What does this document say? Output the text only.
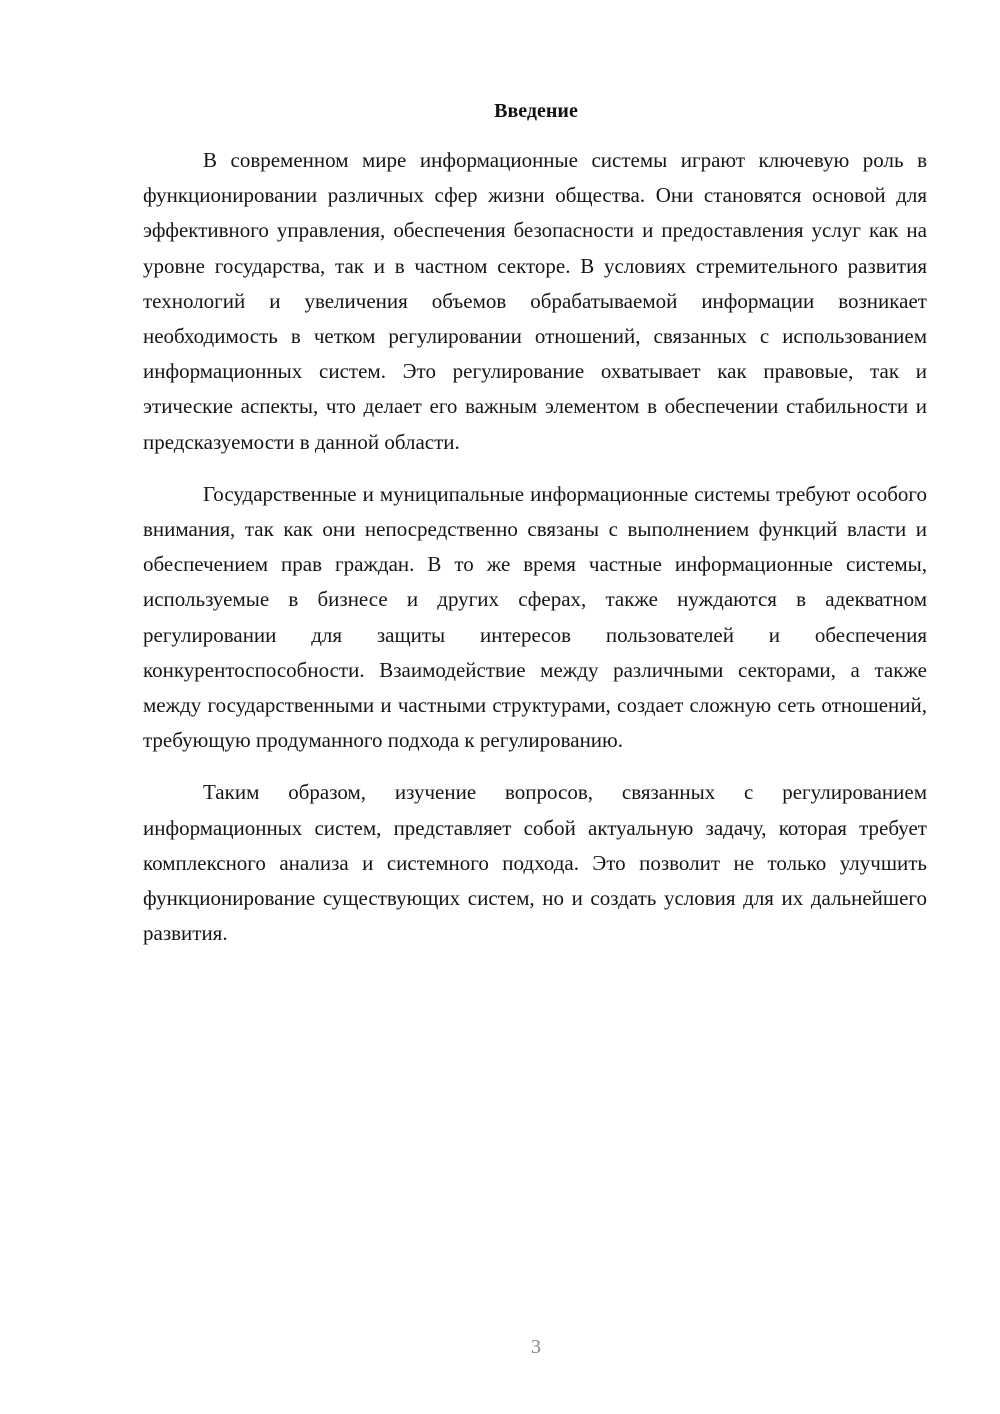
Введение

В современном мире информационные системы играют ключевую роль в функционировании различных сфер жизни общества. Они становятся основой для эффективного управления, обеспечения безопасности и предоставления услуг как на уровне государства, так и в частном секторе. В условиях стремительного развития технологий и увеличения объемов обрабатываемой информации возникает необходимость в четком регулировании отношений, связанных с использованием информационных систем. Это регулирование охватывает как правовые, так и этические аспекты, что делает его важным элементом в обеспечении стабильности и предсказуемости в данной области.

Государственные и муниципальные информационные системы требуют особого внимания, так как они непосредственно связаны с выполнением функций власти и обеспечением прав граждан. В то же время частные информационные системы, используемые в бизнесе и других сферах, также нуждаются в адекватном регулировании для защиты интересов пользователей и обеспечения конкурентоспособности. Взаимодействие между различными секторами, а также между государственными и частными структурами, создает сложную сеть отношений, требующую продуманного подхода к регулированию.

Таким образом, изучение вопросов, связанных с регулированием информационных систем, представляет собой актуальную задачу, которая требует комплексного анализа и системного подхода. Это позволит не только улучшить функционирование существующих систем, но и создать условия для их дальнейшего развития.

3
